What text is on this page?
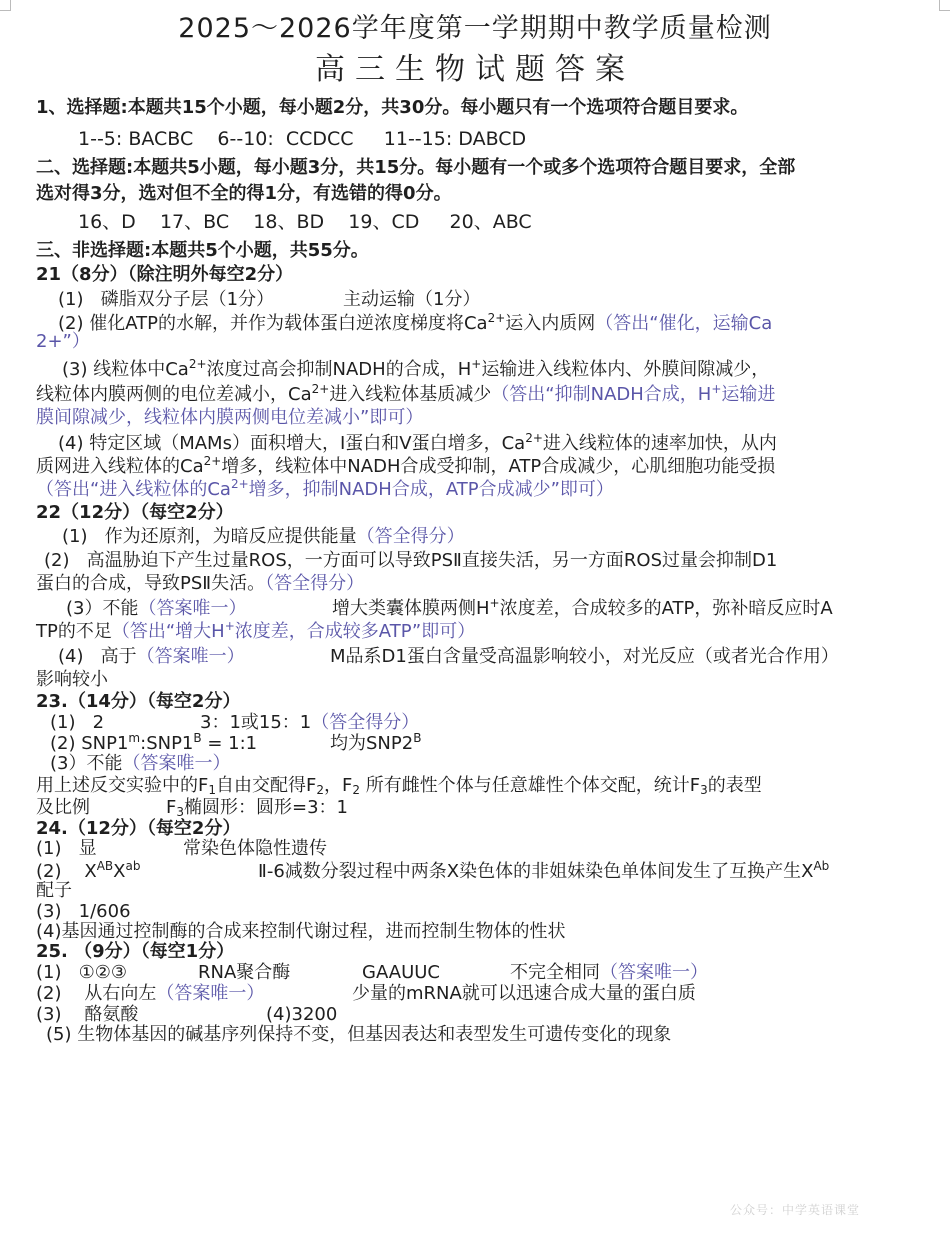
2025～2026学年度第一学期期中教学质量检测
高三生物试题答案
1、选择题:本题共15个小题，每小题2分，共30分。每小题只有一个选项符合题目要求。
1--5: BACBC    6--10:  CCDCC     11--15: DABCD
二、选择题:本题共5小题，每小题3分，共15分。每小题有一个或多个选项符合题目要求，全部
选对得3分，选对但不全的得1分，有选错的得0分。
16、D    17、BC    18、BD    19、CD     20、ABC
三、非选择题:本题共5个小题，共55分。
21（8分）（除注明外每空2分）
(1)   磷脂双分子层（1分）	主动运输（1分）
(2) 催化ATP的水解，并作为载体蛋白逆浓度梯度将$Ca^{2+}$运入内质网（答出“催化，运输Ca
2+”）
(3) 线粒体中$Ca^{2+}$浓度过高会抑制NADH的合成，H+运输进入线粒体内、外膜间隙减少，
线粒体内膜两侧的电位差减小，$Ca^{2+}$进入线粒体基质减少（答出“抑制NADH合成，H+运输进
膜间隙减少，线粒体内膜两侧电位差减小”即可）
(4) 特定区域（MAMs）面积增大，I蛋白和V蛋白增多，$Ca^{2+}$进入线粒体的速率加快，从内
质网进入线粒体的$Ca^{2+}$增多，线粒体中NADH合成受抑制，ATP合成减少，心肌细胞功能受损
（答出“进入线粒体的$Ca^{2+}$增多，抑制NADH合成，ATP合成减少”即可）
22（12分）（每空2分）
(1)   作为还原剂，为暗反应提供能量（答全得分）
(2)   高温胁迫下产生过量ROS，一方面可以导致PSⅡ直接失活，另一方面ROS过量会抑制D1
蛋白的合成，导致PSⅡ失活。（答全得分）
(3）不能（答案唯一）	增大类囊体膜两侧H+浓度差，合成较多的ATP，弥补暗反应时A
TP的不足（答出“增大H+浓度差，合成较多ATP”即可）
(4)   高于（答案唯一）	M品系D1蛋白含量受高温影响较小，对光反应（或者光合作用）
影响较小
23.（14分）（每空2分）
(1)   2	3：1或15：1（答全得分）
(2) $SNP1^m:SNP1^B$ = 1:1	均为$SNP2^B$
(3）不能（答案唯一）
用上述反交实验中的$F_1$自由交配得$F_2$，$F_2$ 所有雌性个体与任意雄性个体交配，统计$F_3$的表型
及比例	$F_3$椭圆形：圆形=3：1
24.（12分）（每空2分）
(1)   显	常染色体隐性遗传
(2)    $X^{AB}X^{ab}$	Ⅱ-6减数分裂过程中两条X染色体的非姐妹染色单体间发生了互换产生$X^{Ab}$
配子
(3)   1/606
(4)基因通过控制酶的合成来控制代谢过程，进而控制生物体的性状
25. （9分）（每空1分）
(1)   ①②③	RNA聚合酶	GAAUUC	不完全相同（答案唯一）
(2)    从右向左（答案唯一）	少量的mRNA就可以迅速合成大量的蛋白质
(3)    酪氨酸	(4)3200
(5) 生物体基因的碱基序列保持不变，但基因表达和表型发生可遗传变化的现象
公众号：中学英语课堂
